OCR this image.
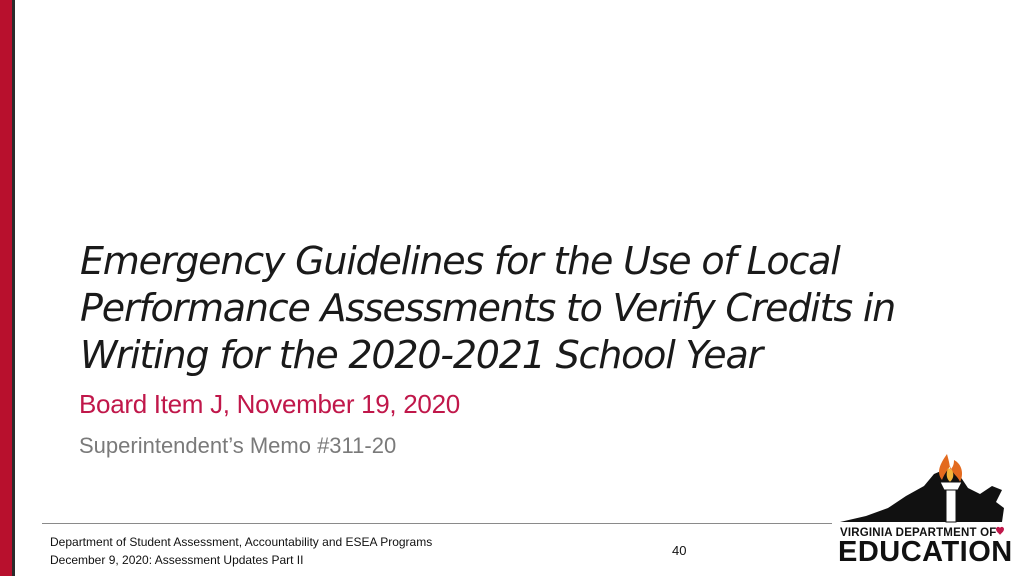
Emergency Guidelines for the Use of Local Performance Assessments to Verify Credits in Writing for the 2020-2021 School Year
Board Item J, November 19, 2020
Superintendent’s Memo #311-20
Department of Student Assessment, Accountability and ESEA Programs
December 9, 2020: Assessment Updates Part II
40
VIRGINIA DEPARTMENT OF
EDUCATION
